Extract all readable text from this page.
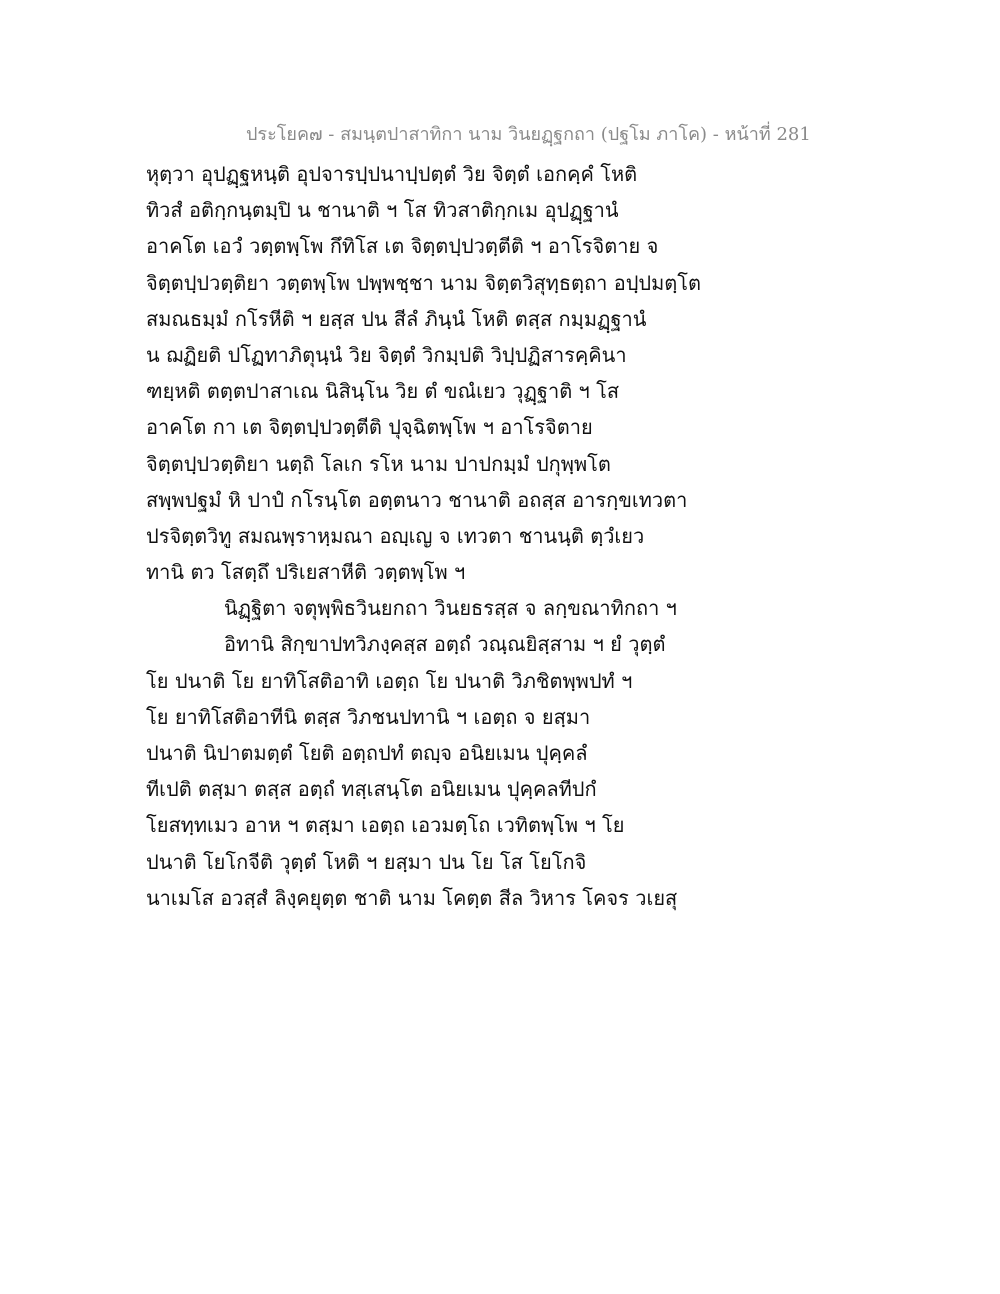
ประโยค๗ - สมนฺตปาสาทิกา นาม วินยฏฺฐกถา (ปฐโม ภาโค) - หน้าที่ 281
หุตฺวา อุปฏฺฐหนฺติ อุปจารปฺปนาปฺปตฺตํ วิย จิตฺตํ เอกคฺคํ โหติ
ทิวสํ อติกฺกนฺตมฺปิ น ชานาติ ฯ โส ทิวสาติกฺกเม อุปฏฺฐานํ
อาคโต เอวํ วตฺตพฺโพ กึทิโส เต จิตฺตปฺปวตฺตีติ ฯ อาโรจิตาย จ
จิตฺตปฺปวตฺติยา วตฺตพฺโพ ปพฺพชฺชา นาม จิตฺตวิสุทฺธตฺถา อปฺปมตฺโต
สมณธมฺมํ กโรหีติ ฯ ยสฺส ปน สีลํ ภินฺนํ โหติ ตสฺส กมฺมฏฺฐานํ
น ฌฏิยติ ปโฏทาภิตุนฺนํ วิย จิตฺตํ วิกมฺปติ วิปฺปฏิสารคฺคินา
ฑยฺหติ ตตฺตปาสาเณ นิสินฺโน วิย ตํ ขณํเยว วุฏฺฐาติ ฯ โส
อาคโต กา เต จิตฺตปฺปวตฺตีติ ปุจฺฉิตพฺโพ ฯ อาโรจิตาย
จิตฺตปฺปวตฺติยา นตฺถิ โลเก รโห นาม ปาปกมฺมํ ปกุพฺพโต
สพฺพปฐมํ หิ ปาปํ กโรนฺโต อตฺตนาว ชานาติ อถสฺส อารกฺขเทวตา
ปรจิตฺตวิทู สมณพฺราหฺมณา อญฺเญ จ เทวตา ชานนฺติ ตฺวํเยว
ทานิ ตว โสตฺถึ ปริเยสาหีติ วตฺตพฺโพ ฯ
นิฏฺฐิตา จตุพฺพิธวินยกถา วินยธรสฺส จ ลกฺขณาทิกถา ฯ
อิทานิ สิกฺขาปทวิภงฺคสฺส อตฺถํ วณฺณยิสฺสาม ฯ ยํ วุตฺตํ
โย ปนาติ โย ยาทิโสติอาทิ เอตฺถ โย ปนาติ วิภชิตพฺพปทํ ฯ
โย ยาทิโสติอาทีนิ ตสฺส วิภชนปทานิ ฯ เอตฺถ จ ยสฺมา
ปนาติ นิปาตมตฺตํ โยติ อตฺถปทํ ตญฺจ อนิยเมน ปุคฺคลํ
ทีเปติ ตสฺมา ตสฺส อตฺถํ ทสฺเสนฺโต อนิยเมน ปุคฺคลทีปกํ
โยสทฺทเมว อาห ฯ ตสฺมา เอตฺถ เอวมตฺโถ เวทิตพฺโพ ฯ โย
ปนาติ โยโกจีติ วุตฺตํ โหติ ฯ ยสฺมา ปน โย โส โยโกจิ
นาเมโส อวสฺสํ ลิงฺคยุตฺต ชาติ นาม โคตฺต สีล วิหาร โคจร วเยสุ
